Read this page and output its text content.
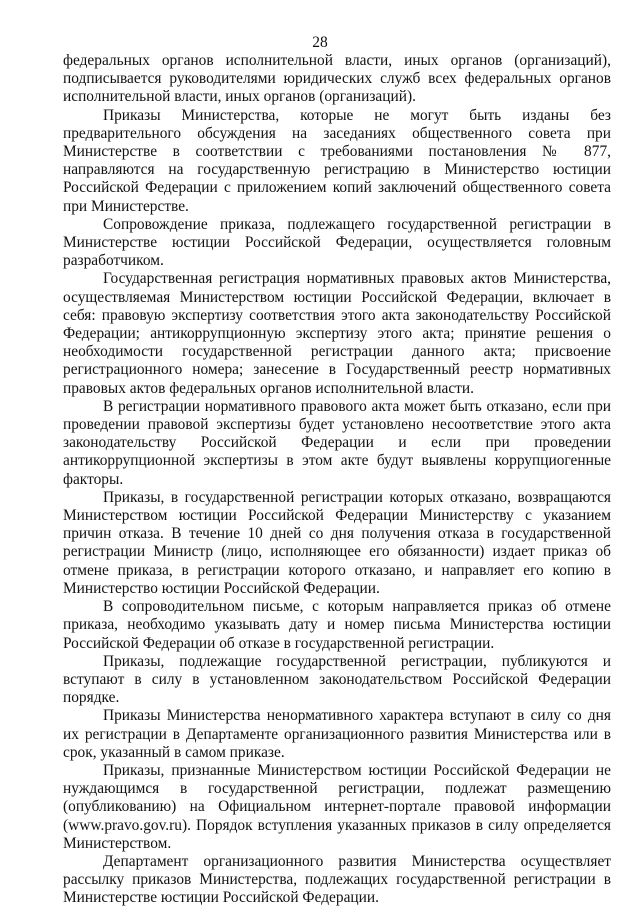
28

федеральных органов исполнительной власти, иных органов (организаций), подписывается руководителями юридических служб всех федеральных органов исполнительной власти, иных органов (организаций).

Приказы Министерства, которые не могут быть изданы без предварительного обсуждения на заседаниях общественного совета при Министерстве в соответствии с требованиями постановления № 877, направляются на государственную регистрацию в Министерство юстиции Российской Федерации с приложением копий заключений общественного совета при Министерстве.

Сопровождение приказа, подлежащего государственной регистрации в Министерстве юстиции Российской Федерации, осуществляется головным разработчиком.

Государственная регистрация нормативных правовых актов Министерства, осуществляемая Министерством юстиции Российской Федерации, включает в себя: правовую экспертизу соответствия этого акта законодательству Российской Федерации; антикоррупционную экспертизу этого акта; принятие решения о необходимости государственной регистрации данного акта; присвоение регистрационного номера; занесение в Государственный реестр нормативных правовых актов федеральных органов исполнительной власти.

В регистрации нормативного правового акта может быть отказано, если при проведении правовой экспертизы будет установлено несоответствие этого акта законодательству Российской Федерации и если при проведении антикоррупционной экспертизы в этом акте будут выявлены коррупциогенные факторы.

Приказы, в государственной регистрации которых отказано, возвращаются Министерством юстиции Российской Федерации Министерству с указанием причин отказа. В течение 10 дней со дня получения отказа в государственной регистрации Министр (лицо, исполняющее его обязанности) издает приказ об отмене приказа, в регистрации которого отказано, и направляет его копию в Министерство юстиции Российской Федерации.

В сопроводительном письме, с которым направляется приказ об отмене приказа, необходимо указывать дату и номер письма Министерства юстиции Российской Федерации об отказе в государственной регистрации.

Приказы, подлежащие государственной регистрации, публикуются и вступают в силу в установленном законодательством Российской Федерации порядке.

Приказы Министерства ненормативного характера вступают в силу со дня их регистрации в Департаменте организационного развития Министерства или в срок, указанный в самом приказе.

Приказы, признанные Министерством юстиции Российской Федерации не нуждающимся в государственной регистрации, подлежат размещению (опубликованию) на Официальном интернет-портале правовой информации (www.pravo.gov.ru). Порядок вступления указанных приказов в силу определяется Министерством.

Департамент организационного развития Министерства осуществляет рассылку приказов Министерства, подлежащих государственной регистрации в Министерстве юстиции Российской Федерации.
